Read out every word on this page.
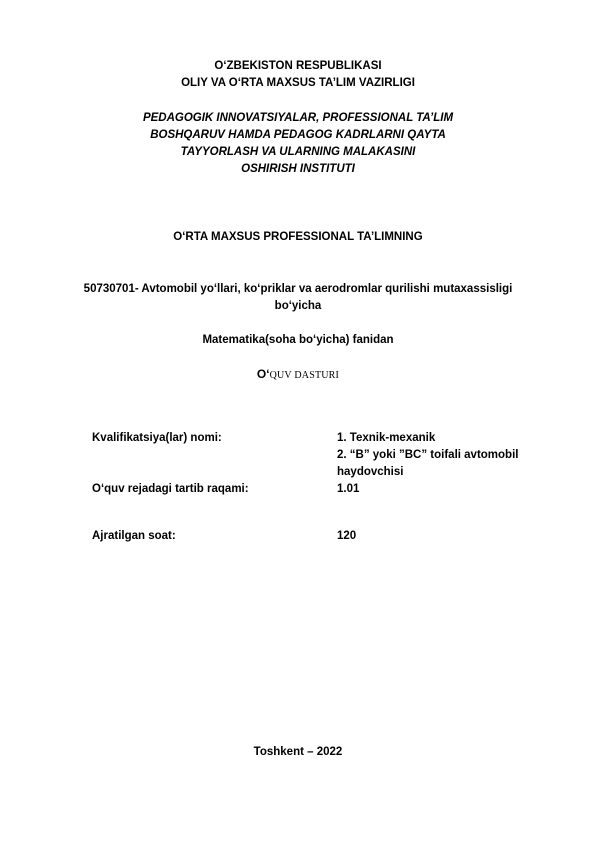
O‘ZBEKISTON RESPUBLIKASI
OLIY VA O‘RTA MAXSUS TA’LIM VAZIRLIGI
PEDAGOGIK INNOVATSIYALAR, PROFESSIONAL TA’LIM
BOSHQARUV HAMDA PEDAGOG KADRLARNI QAYTA
TAYYORLASH VA ULARNING MALAKASINI
OSHIRISH INSTITUTI
O‘RTA MAXSUS PROFESSIONAL TA’LIMNING
50730701- Avtomobil yo‘llari, ko‘priklar va aerodromlar qurilishi mutaxassisligi
bo‘yicha
Matematika(soha bo‘yicha) fanidan
O‘QUV DASTURI
Kvalifikatsiya(lar) nomi:	1. Texnik-mexanik
2. “B” yoki ”BC” toifali avtomobil
haydovchisi
O‘quv rejadagi tartib raqami:	1.01
Ajratilgan soat:	120
Toshkent – 2022
